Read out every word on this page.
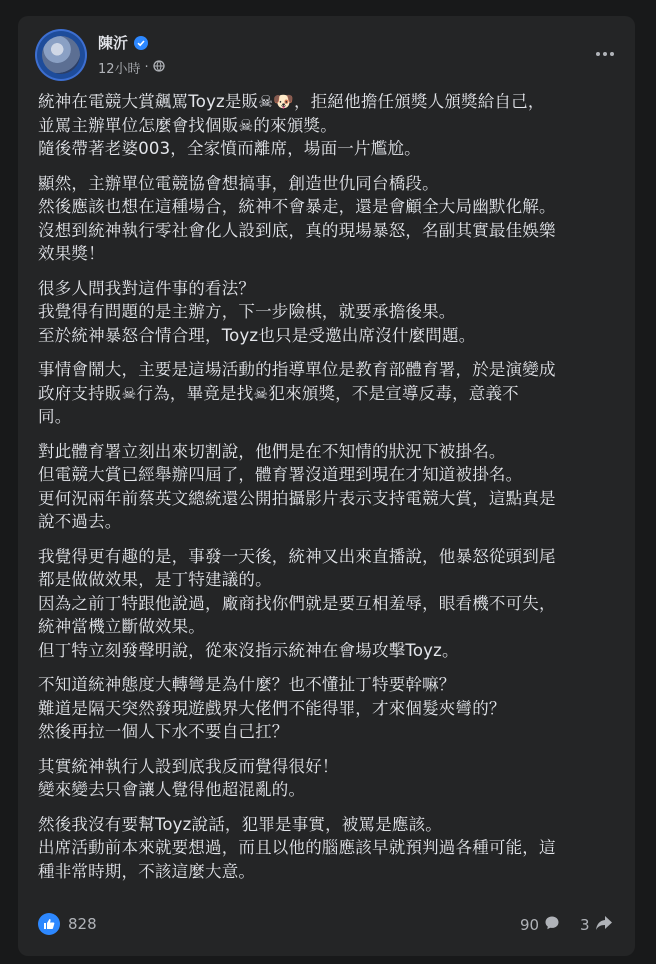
陳沂
12小時 ·

統神在電競大賞飆罵Toyz是販☠🐶，拒絕他擔任頒獎人頒獎給自己，
並罵主辦單位怎麼會找個販☠的來頒獎。
隨後帶著老婆003，全家憤而離席，場面一片尷尬。

顯然，主辦單位電競協會想搞事，創造世仇同台橋段。
然後應該也想在這種場合，統神不會暴走，還是會顧全大局幽默化解。
沒想到統神執行零社會化人設到底，真的現場暴怒，名副其實最佳娛樂
效果獎！

很多人問我對這件事的看法？
我覺得有問題的是主辦方，下一步險棋，就要承擔後果。
至於統神暴怒合情合理，Toyz也只是受邀出席沒什麼問題。

事情會鬧大，主要是這場活動的指導單位是教育部體育署，於是演變成
政府支持販☠行為，畢竟是找☠犯來頒獎，不是宣導反毒，意義不
同。

對此體育署立刻出來切割說，他們是在不知情的狀況下被掛名。
但電競大賞已經舉辦四屆了，體育署沒道理到現在才知道被掛名。
更何況兩年前蔡英文總統還公開拍攝影片表示支持電競大賞，這點真是
說不過去。

我覺得更有趣的是，事發一天後，統神又出來直播說，他暴怒從頭到尾
都是做做效果，是丁特建議的。
因為之前丁特跟他說過，廠商找你們就是要互相羞辱，眼看機不可失，
統神當機立斷做效果。
但丁特立刻發聲明說，從來沒指示統神在會場攻擊Toyz。

不知道統神態度大轉彎是為什麼？也不懂扯丁特要幹嘛？
難道是隔天突然發現遊戲界大佬們不能得罪，才來個髮夾彎的？
然後再拉一個人下水不要自己扛？

其實統神執行人設到底我反而覺得很好！
變來變去只會讓人覺得他超混亂的。

然後我沒有要幫Toyz說話，犯罪是事實，被罵是應該。
出席活動前本來就要想過，而且以他的腦應該早就預判過各種可能，這
種非常時期，不該這麼大意。

828	90	3
